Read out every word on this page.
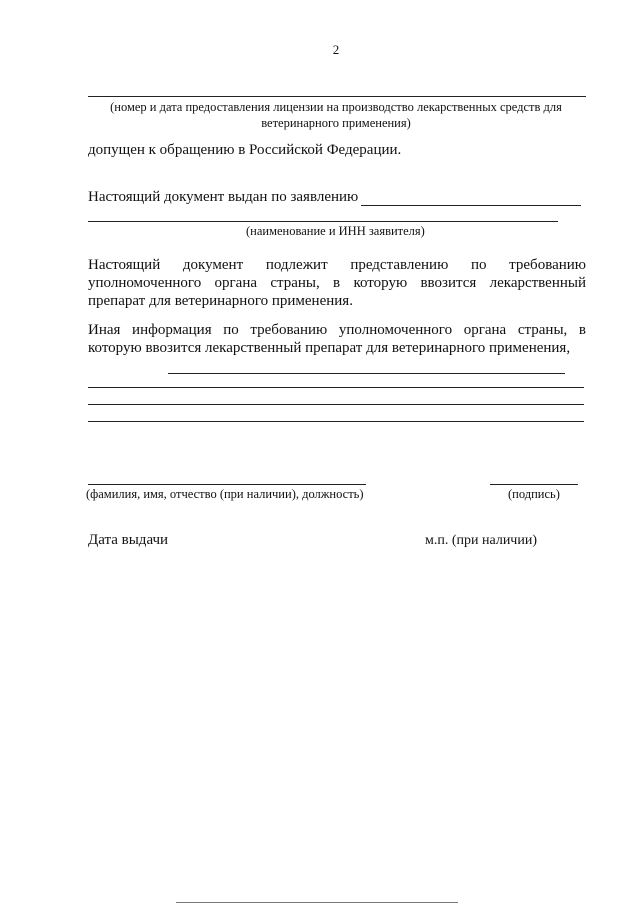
2
(номер и дата предоставления лицензии на производство лекарственных средств для ветеринарного применения)
допущен к обращению в Российской Федерации.
Настоящий документ выдан по заявлению
(наименование и ИНН заявителя)
Настоящий документ подлежит представлению по требованию уполномоченного органа страны, в которую ввозится лекарственный препарат для ветеринарного применения.
Иная информация по требованию уполномоченного органа страны, в которую ввозится лекарственный препарат для ветеринарного применения,
(фамилия, имя, отчество (при наличии), должность)	(подпись)
Дата выдачи	м.п. (при наличии)
